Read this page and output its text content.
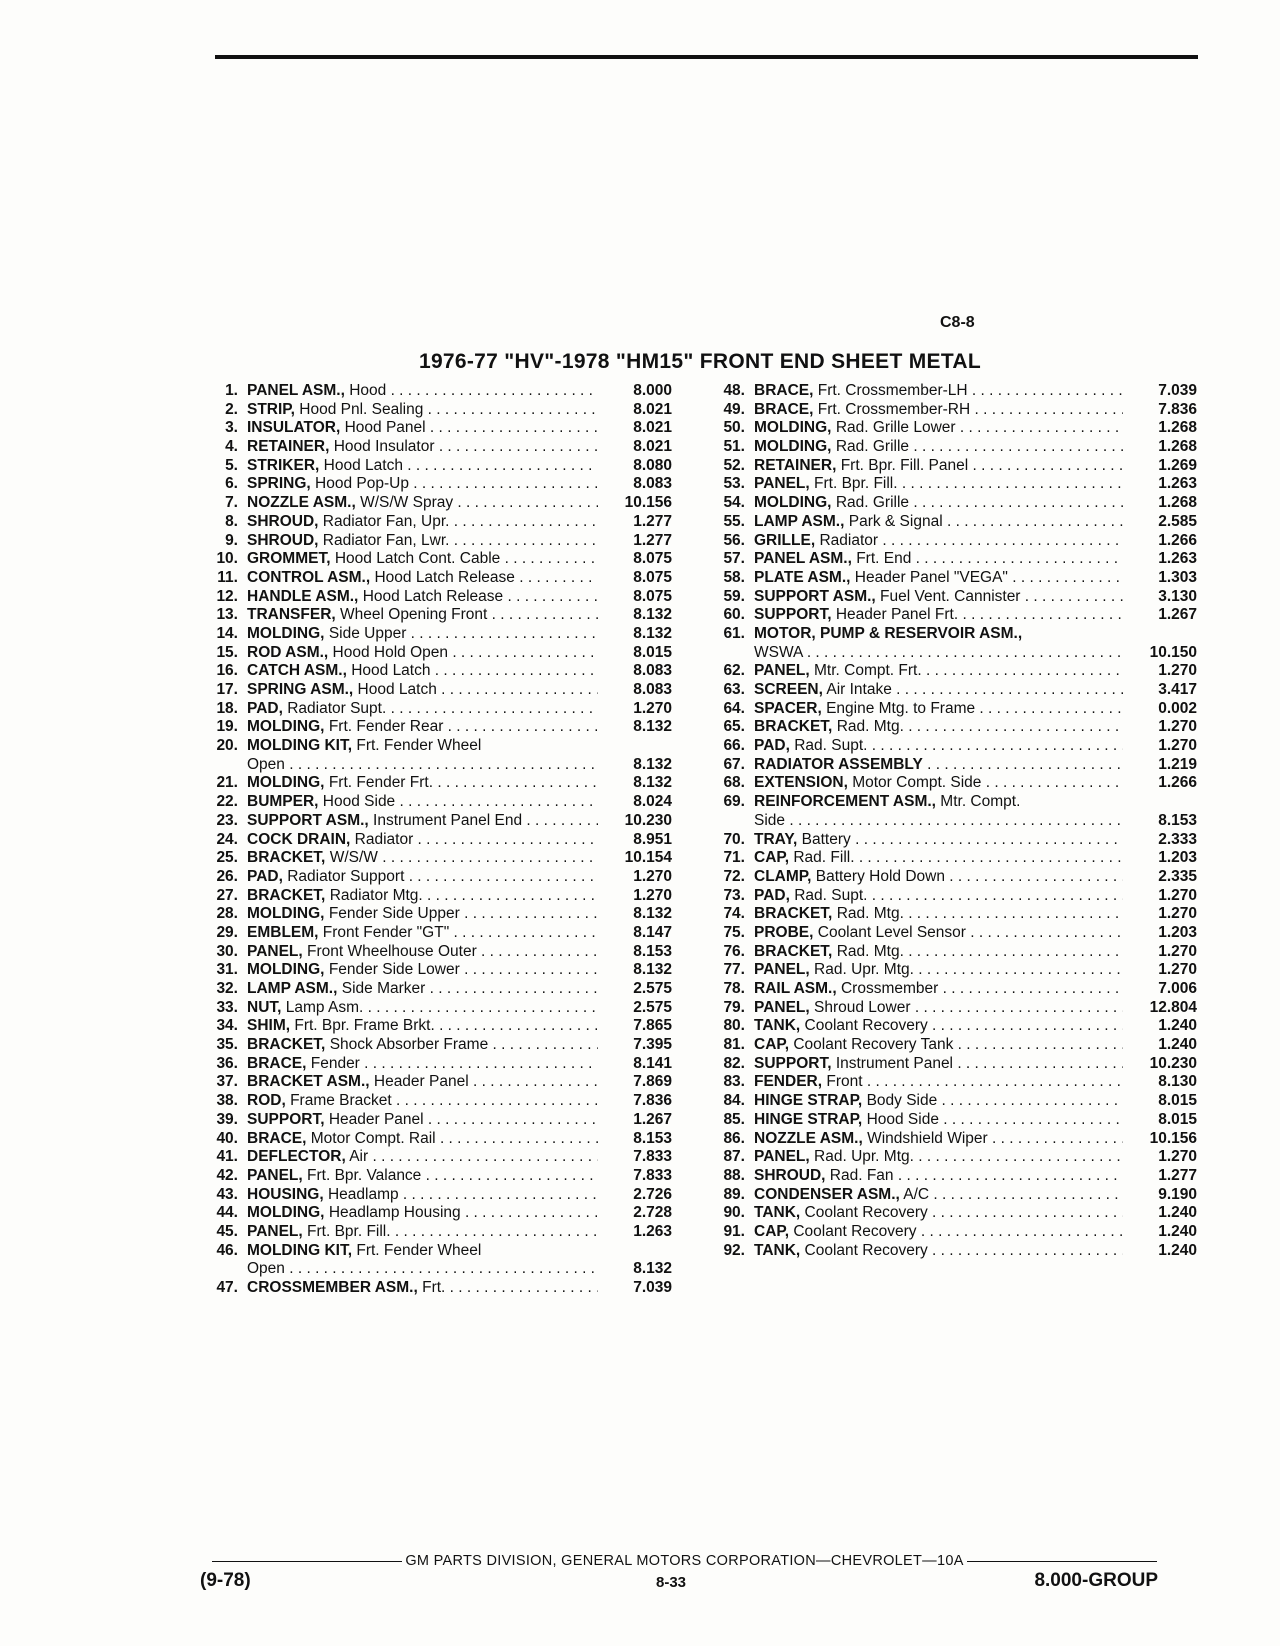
C8-8
1976-77 "HV"-1978 "HM15" FRONT END SHEET METAL
1. PANEL ASM., Hood . . .	8.000
2. STRIP, Hood Pnl. Sealing . . .	8.021
3. INSULATOR, Hood Panel . . .	8.021
4. RETAINER, Hood Insulator . . .	8.021
5. STRIKER, Hood Latch . . .	8.080
6. SPRING, Hood Pop-Up . . .	8.083
7. NOZZLE ASM., W/S/W Spray . . .	10.156
8. SHROUD, Radiator Fan, Upr. . . .	1.277
9. SHROUD, Radiator Fan, Lwr. . . .	1.277
10. GROMMET, Hood Latch Cont. Cable . . .	8.075
11. CONTROL ASM., Hood Latch Release . . .	8.075
12. HANDLE ASM., Hood Latch Release . . .	8.075
13. TRANSFER, Wheel Opening Front . . .	8.132
14. MOLDING, Side Upper . . .	8.132
15. ROD ASM., Hood Hold Open . . .	8.015
16. CATCH ASM., Hood Latch . . .	8.083
17. SPRING ASM., Hood Latch . . .	8.083
18. PAD, Radiator Supt. . . .	1.270
19. MOLDING, Frt. Fender Rear . . .	8.132
20. MOLDING KIT, Frt. Fender Wheel
Open . . .	8.132
21. MOLDING, Frt. Fender Frt. . . .	8.132
22. BUMPER, Hood Side . . .	8.024
23. SUPPORT ASM., Instrument Panel End . . .	10.230
24. COCK DRAIN, Radiator . . .	8.951
25. BRACKET, W/S/W . . .	10.154
26. PAD, Radiator Support . . .	1.270
27. BRACKET, Radiator Mtg. . . .	1.270
28. MOLDING, Fender Side Upper . . .	8.132
29. EMBLEM, Front Fender "GT" . . .	8.147
30. PANEL, Front Wheelhouse Outer . . .	8.153
31. MOLDING, Fender Side Lower . . .	8.132
32. LAMP ASM., Side Marker . . .	2.575
33. NUT, Lamp Asm. . . .	2.575
34. SHIM, Frt. Bpr. Frame Brkt. . . .	7.865
35. BRACKET, Shock Absorber Frame . . .	7.395
36. BRACE, Fender . . .	8.141
37. BRACKET ASM., Header Panel . . .	7.869
38. ROD, Frame Bracket . . .	7.836
39. SUPPORT, Header Panel . . .	1.267
40. BRACE, Motor Compt. Rail . . .	8.153
41. DEFLECTOR, Air . . .	7.833
42. PANEL, Frt. Bpr. Valance . . .	7.833
43. HOUSING, Headlamp . . .	2.726
44. MOLDING, Headlamp Housing . . .	2.728
45. PANEL, Frt. Bpr. Fill. . . .	1.263
46. MOLDING KIT, Frt. Fender Wheel
Open . . .	8.132
47. CROSSMEMBER ASM., Frt. . . .	7.039
48. BRACE, Frt. Crossmember-LH . . .	7.039
49. BRACE, Frt. Crossmember-RH . . .	7.836
50. MOLDING, Rad. Grille Lower . . .	1.268
51. MOLDING, Rad. Grille . . .	1.268
52. RETAINER, Frt. Bpr. Fill. Panel . . .	1.269
53. PANEL, Frt. Bpr. Fill. . . .	1.263
54. MOLDING, Rad. Grille . . .	1.268
55. LAMP ASM., Park & Signal . . .	2.585
56. GRILLE, Radiator . . .	1.266
57. PANEL ASM., Frt. End . . .	1.263
58. PLATE ASM., Header Panel "VEGA" . . .	1.303
59. SUPPORT ASM., Fuel Vent. Cannister . . .	3.130
60. SUPPORT, Header Panel Frt. . . .	1.267
61. MOTOR, PUMP & RESERVOIR ASM.,
WSWA . . .	10.150
62. PANEL, Mtr. Compt. Frt. . . .	1.270
63. SCREEN, Air Intake . . .	3.417
64. SPACER, Engine Mtg. to Frame . . .	0.002
65. BRACKET, Rad. Mtg. . . .	1.270
66. PAD, Rad. Supt. . . .	1.270
67. RADIATOR ASSEMBLY . . .	1.219
68. EXTENSION, Motor Compt. Side . . .	1.266
69. REINFORCEMENT ASM., Mtr. Compt.
Side . . .	8.153
70. TRAY, Battery . . .	2.333
71. CAP, Rad. Fill. . . .	1.203
72. CLAMP, Battery Hold Down . . .	2.335
73. PAD, Rad. Supt. . . .	1.270
74. BRACKET, Rad. Mtg. . . .	1.270
75. PROBE, Coolant Level Sensor . . .	1.203
76. BRACKET, Rad. Mtg. . . .	1.270
77. PANEL, Rad. Upr. Mtg. . . .	1.270
78. RAIL ASM., Crossmember . . .	7.006
79. PANEL, Shroud Lower . . .	12.804
80. TANK, Coolant Recovery . . .	1.240
81. CAP, Coolant Recovery Tank . . .	1.240
82. SUPPORT, Instrument Panel . . .	10.230
83. FENDER, Front . . .	8.130
84. HINGE STRAP, Body Side . . .	8.015
85. HINGE STRAP, Hood Side . . .	8.015
86. NOZZLE ASM., Windshield Wiper . . .	10.156
87. PANEL, Rad. Upr. Mtg. . . .	1.270
88. SHROUD, Rad. Fan . . .	1.277
89. CONDENSER ASM., A/C . . .	9.190
90. TANK, Coolant Recovery . . .	1.240
91. CAP, Coolant Recovery . . .	1.240
92. TANK, Coolant Recovery . . .	1.240
GM PARTS DIVISION, GENERAL MOTORS CORPORATION—CHEVROLET—10A
(9-78)	8-33	8.000-GROUP
